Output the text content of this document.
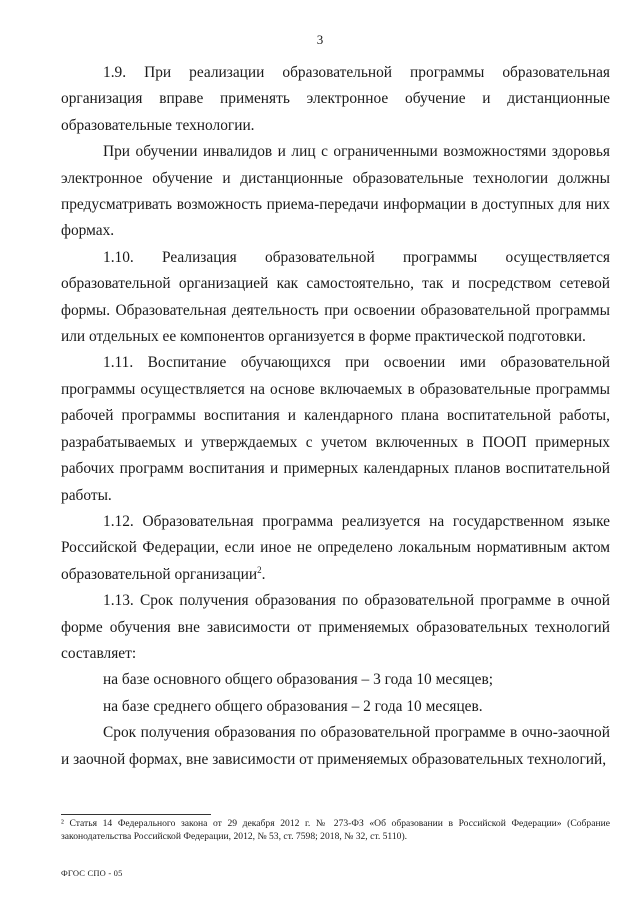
3

1.9. При реализации образовательной программы образовательная организация вправе применять электронное обучение и дистанционные образовательные технологии.

При обучении инвалидов и лиц с ограниченными возможностями здоровья электронное обучение и дистанционные образовательные технологии должны предусматривать возможность приема-передачи информации в доступных для них формах.

1.10. Реализация образовательной программы осуществляется образовательной организацией как самостоятельно, так и посредством сетевой формы. Образовательная деятельность при освоении образовательной программы или отдельных ее компонентов организуется в форме практической подготовки.

1.11. Воспитание обучающихся при освоении ими образовательной программы осуществляется на основе включаемых в образовательные программы рабочей программы воспитания и календарного плана воспитательной работы, разрабатываемых и утверждаемых с учетом включенных в ПООП примерных рабочих программ воспитания и примерных календарных планов воспитательной работы.

1.12. Образовательная программа реализуется на государственном языке Российской Федерации, если иное не определено локальным нормативным актом образовательной организации$^2$.

1.13. Срок получения образования по образовательной программе в очной форме обучения вне зависимости от применяемых образовательных технологий составляет:

на базе основного общего образования – 3 года 10 месяцев;

на базе среднего общего образования – 2 года 10 месяцев.

Срок получения образования по образовательной программе в очно-заочной и заочной формах, вне зависимости от применяемых образовательных технологий,

² Статья 14 Федерального закона от 29 декабря 2012 г. № 273-ФЗ «Об образовании в Российской Федерации» (Собрание законодательства Российской Федерации, 2012, № 53, ст. 7598; 2018, № 32, ст. 5110).
ФГОС СПО - 05
